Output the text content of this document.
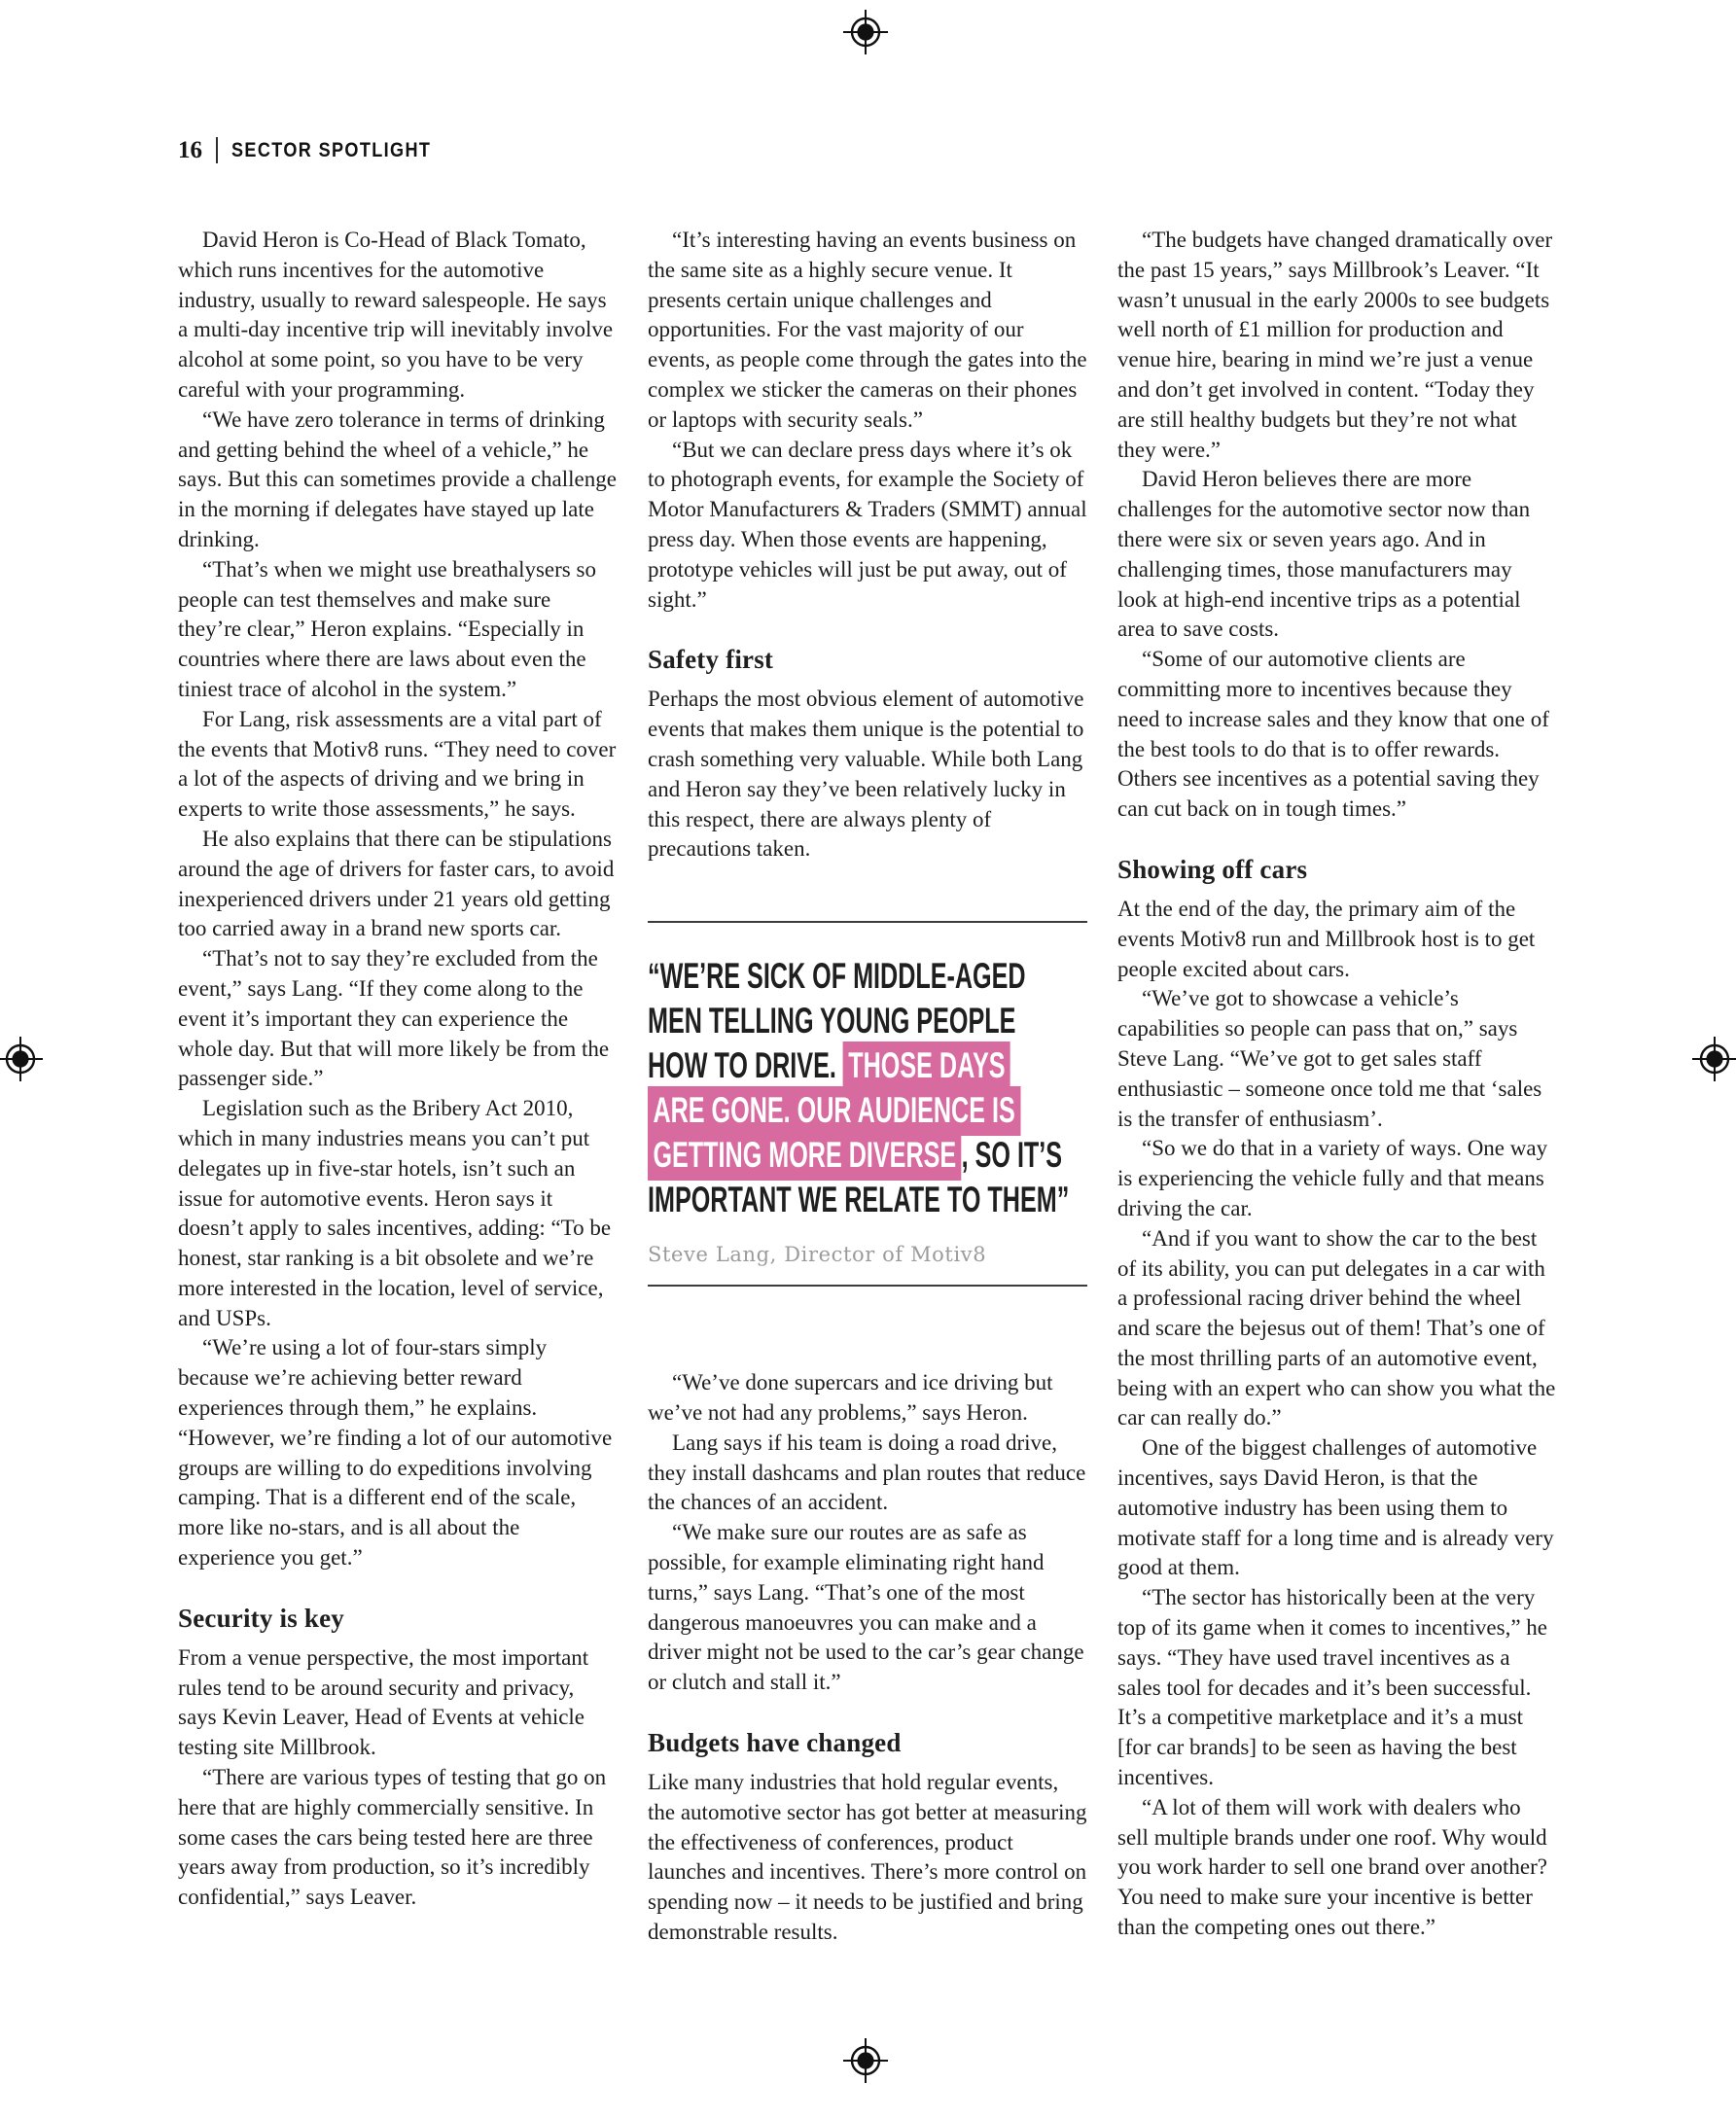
16 SECTOR SPOTLIGHT

David Heron is Co-Head of Black Tomato, which runs incentives for the automotive industry, usually to reward salespeople. He says a multi-day incentive trip will inevitably involve alcohol at some point, so you have to be very careful with your programming.

“We have zero tolerance in terms of drinking and getting behind the wheel of a vehicle,” he says. But this can sometimes provide a challenge in the morning if delegates have stayed up late drinking.

“That’s when we might use breathalysers so people can test themselves and make sure they’re clear,” Heron explains. “Especially in countries where there are laws about even the tiniest trace of alcohol in the system.”

For Lang, risk assessments are a vital part of the events that Motiv8 runs. “They need to cover a lot of the aspects of driving and we bring in experts to write those assessments,” he says.

He also explains that there can be stipulations around the age of drivers for faster cars, to avoid inexperienced drivers under 21 years old getting too carried away in a brand new sports car.

“That’s not to say they’re excluded from the event,” says Lang. “If they come along to the event it’s important they can experience the whole day. But that will more likely be from the passenger side.”

Legislation such as the Bribery Act 2010, which in many industries means you can’t put delegates up in five-star hotels, isn’t such an issue for automotive events. Heron says it doesn’t apply to sales incentives, adding: “To be honest, star ranking is a bit obsolete and we’re more interested in the location, level of service, and USPs.

“We’re using a lot of four-stars simply because we’re achieving better reward experiences through them,” he explains. “However, we’re finding a lot of our automotive groups are willing to do expeditions involving camping. That is a different end of the scale, more like no-stars, and is all about the experience you get.”

Security is key

From a venue perspective, the most important rules tend to be around security and privacy, says Kevin Leaver, Head of Events at vehicle testing site Millbrook.

“There are various types of testing that go on here that are highly commercially sensitive. In some cases the cars being tested here are three years away from production, so it’s incredibly confidential,” says Leaver.

“It’s interesting having an events business on the same site as a highly secure venue. It presents certain unique challenges and opportunities. For the vast majority of our events, as people come through the gates into the complex we sticker the cameras on their phones or laptops with security seals.”

“But we can declare press days where it’s ok to photograph events, for example the Society of Motor Manufacturers & Traders (SMMT) annual press day. When those events are happening, prototype vehicles will just be put away, out of sight.”

Safety first

Perhaps the most obvious element of automotive events that makes them unique is the potential to crash something very valuable. While both Lang and Heron say they’ve been relatively lucky in this respect, there are always plenty of precautions taken.

“WE’RE SICK OF MIDDLE-AGED
MEN TELLING YOUNG PEOPLE
HOW TO DRIVE. THOSE DAYS
ARE GONE. OUR AUDIENCE IS
GETTING MORE DIVERSE , SO IT’S
IMPORTANT WE RELATE TO THEM”
Steve Lang, Director of Motiv8

“We’ve done supercars and ice driving but we’ve not had any problems,” says Heron.

Lang says if his team is doing a road drive, they install dashcams and plan routes that reduce the chances of an accident.

“We make sure our routes are as safe as possible, for example eliminating right hand turns,” says Lang. “That’s one of the most dangerous manoeuvres you can make and a driver might not be used to the car’s gear change or clutch and stall it.”

Budgets have changed

Like many industries that hold regular events, the automotive sector has got better at measuring the effectiveness of conferences, product launches and incentives. There’s more control on spending now – it needs to be justified and bring demonstrable results.

“The budgets have changed dramatically over the past 15 years,” says Millbrook’s Leaver. “It wasn’t unusual in the early 2000s to see budgets well north of £1 million for production and venue hire, bearing in mind we’re just a venue and don’t get involved in content. “Today they are still healthy budgets but they’re not what they were.”

David Heron believes there are more challenges for the automotive sector now than there were six or seven years ago. And in challenging times, those manufacturers may look at high-end incentive trips as a potential area to save costs.

“Some of our automotive clients are committing more to incentives because they need to increase sales and they know that one of the best tools to do that is to offer rewards. Others see incentives as a potential saving they can cut back on in tough times.”

Showing off cars

At the end of the day, the primary aim of the events Motiv8 run and Millbrook host is to get people excited about cars.

“We’ve got to showcase a vehicle’s capabilities so people can pass that on,” says Steve Lang. “We’ve got to get sales staff enthusiastic – someone once told me that ‘sales is the transfer of enthusiasm’.

“So we do that in a variety of ways. One way is experiencing the vehicle fully and that means driving the car.

“And if you want to show the car to the best of its ability, you can put delegates in a car with a professional racing driver behind the wheel and scare the bejesus out of them! That’s one of the most thrilling parts of an automotive event, being with an expert who can show you what the car can really do.”

One of the biggest challenges of automotive incentives, says David Heron, is that the automotive industry has been using them to motivate staff for a long time and is already very good at them.

“The sector has historically been at the very top of its game when it comes to incentives,” he says. “They have used travel incentives as a sales tool for decades and it’s been successful. It’s a competitive marketplace and it’s a must [for car brands] to be seen as having the best incentives.

“A lot of them will work with dealers who sell multiple brands under one roof. Why would you work harder to sell one brand over another? You need to make sure your incentive is better than the competing ones out there.”
